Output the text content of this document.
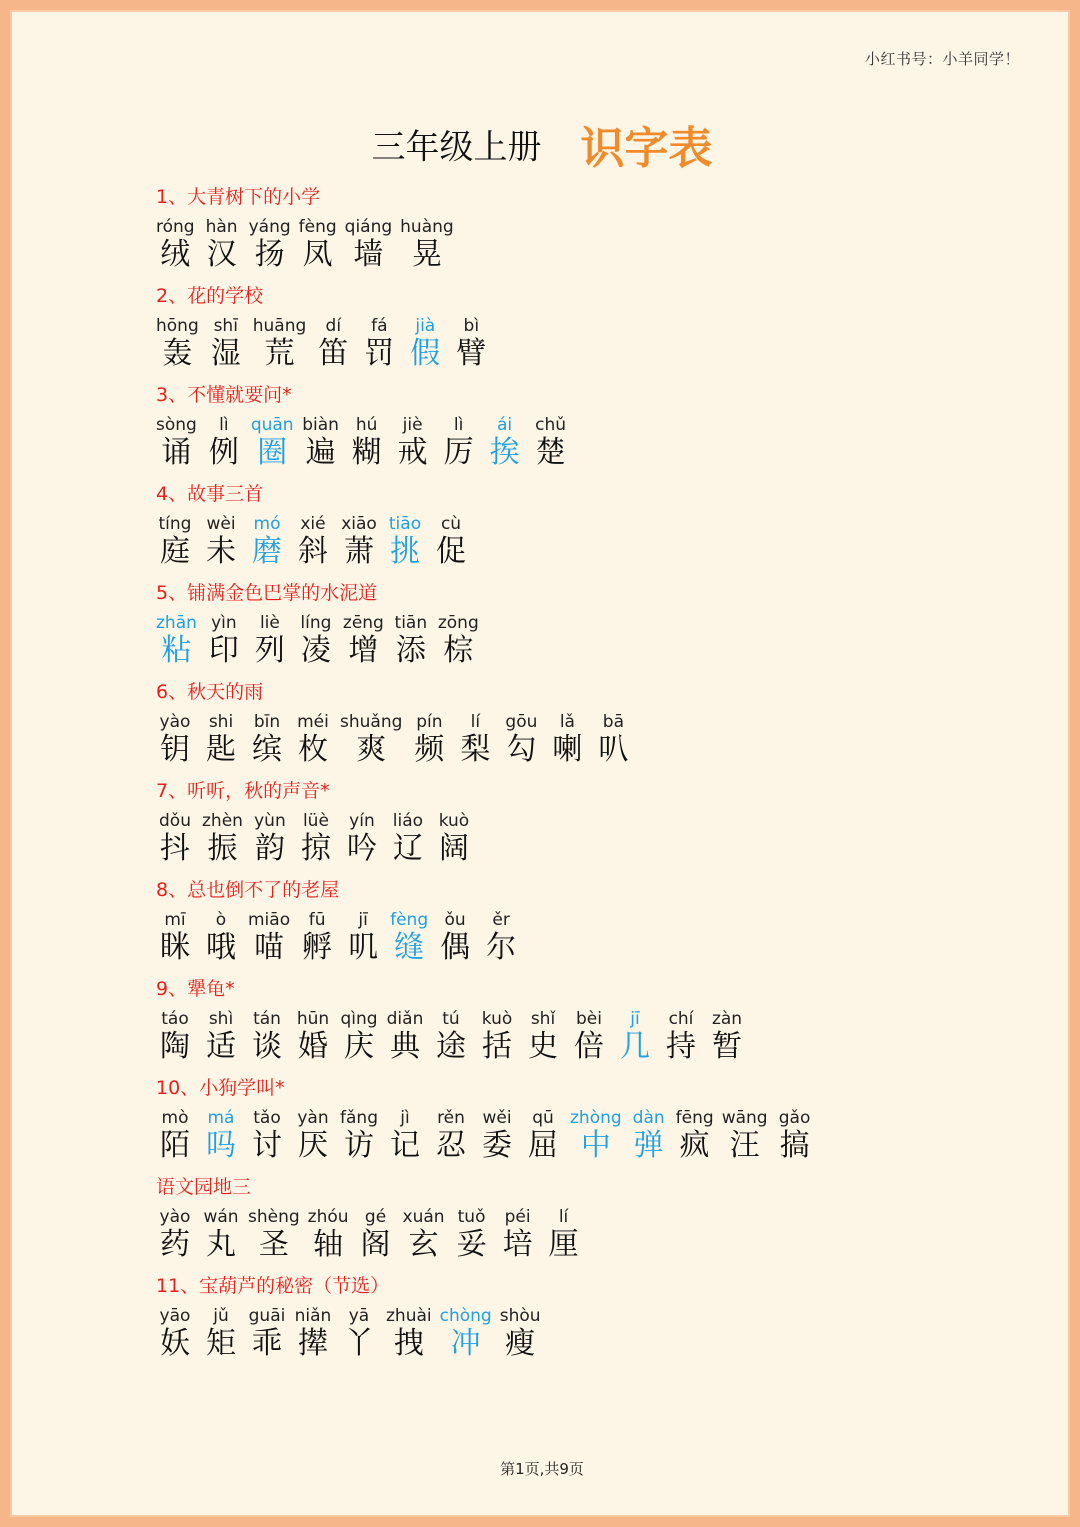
小红书号：小羊同学！
三年级上册 识字表
1、大青树下的小学
róng
绒
hàn
汉
yáng
扬
fèng
凤
qiáng
墙
huàng
晃
2、花的学校
hōng
轰
shī
湿
huāng
荒
dí
笛
fá
罚
jià
假
bì
臂
3、不懂就要问*
sòng
诵
lì
例
quān
圈
biàn
遍
hú
糊
jiè
戒
lì
厉
ái
挨
chǔ
楚
4、故事三首
tíng
庭
wèi
未
mó
磨
xié
斜
xiāo
萧
tiāo
挑
cù
促
5、铺满金色巴掌的水泥道
zhān
粘
yìn
印
liè
列
líng
凌
zēng
增
tiān
添
zōng
棕
6、秋天的雨
yào
钥
shi
匙
bīn
缤
méi
枚
shuǎng
爽
pín
频
lí
梨
gōu
勾
lǎ
喇
bā
叭
7、听听，秋的声音*
dǒu
抖
zhèn
振
yùn
韵
lüè
掠
yín
吟
liáo
辽
kuò
阔
8、总也倒不了的老屋
mī
眯
ò
哦
miāo
喵
fū
孵
jī
叽
fèng
缝
ǒu
偶
ěr
尔
9、犟龟*
táo
陶
shì
适
tán
谈
hūn
婚
qìng
庆
diǎn
典
tú
途
kuò
括
shǐ
史
bèi
倍
jī
几
chí
持
zàn
暂
10、小狗学叫*
mò
陌
má
吗
tǎo
讨
yàn
厌
fǎng
访
jì
记
rěn
忍
wěi
委
qū
屈
zhòng
中
dàn
弹
fēng
疯
wāng
汪
gǎo
搞
语文园地三
yào
药
wán
丸
shèng
圣
zhóu
轴
gé
阁
xuán
玄
tuǒ
妥
péi
培
lí
厘
11、宝葫芦的秘密（节选）
yāo
妖
jǔ
矩
guāi
乖
niǎn
撵
yā
丫
zhuài
拽
chòng
冲
shòu
瘦
第1页,共9页
